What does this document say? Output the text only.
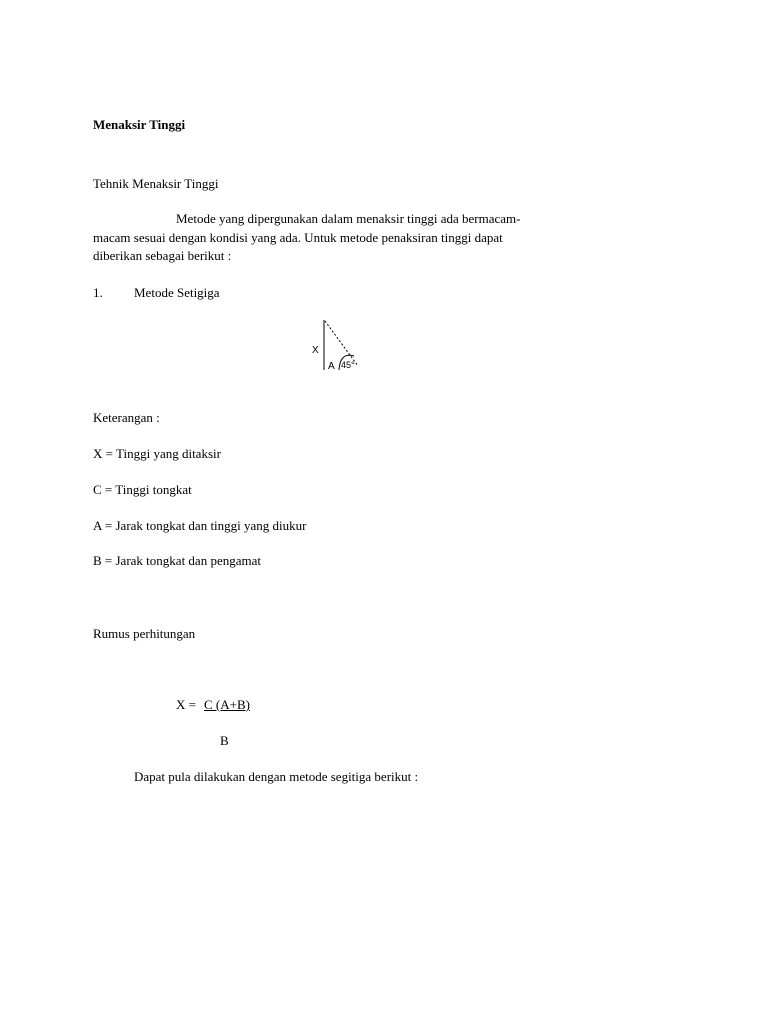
Menaksir Tinggi
Tehnik Menaksir Tinggi
Metode yang dipergunakan dalam menaksir tinggi ada bermacam-
macam sesuai dengan kondisi yang ada. Untuk metode penaksiran tinggi dapat
diberikan sebagai berikut :
1. Metode Setigiga
X
A 45°
Keterangan :
X = Tinggi yang ditaksir
C = Tinggi tongkat
A = Jarak tongkat dan tinggi yang diukur
B = Jarak tongkat dan pengamat
Rumus perhitungan
X = C (A+B)
B
Dapat pula dilakukan dengan metode segitiga berikut :
